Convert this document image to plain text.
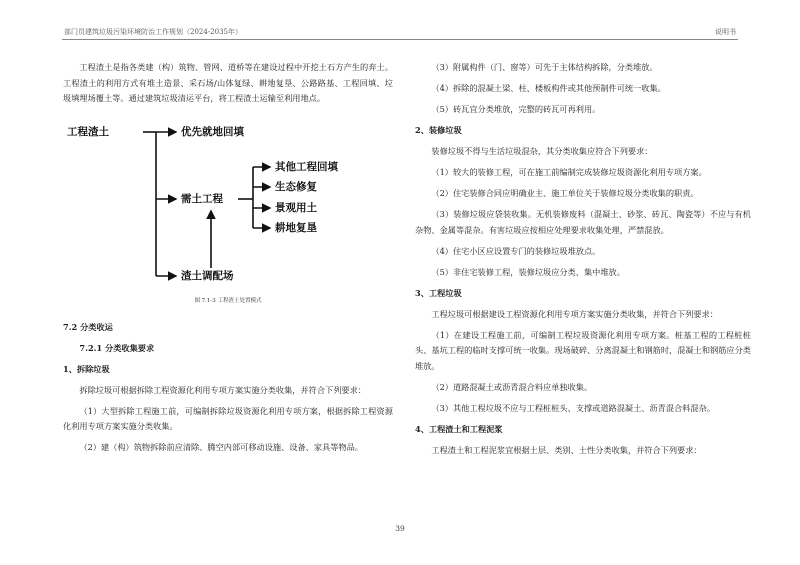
部门员建筑垃圾污染环境防治工作规划（2024-2035年）	说明书

工程渣土是指各类建（构）筑物、管网、道桥等在建设过程中开挖土石方产生的弃土。工程渣土的利用方式有堆土造景、采石场/山体复绿、耕地复垦、公路路基、工程回填、垃圾填埋场覆土等。通过建筑垃圾清运平台，将工程渣土运输至利用地点。

工程渣土	优先就地回填
需土工程
渣土调配场
其他工程回填
生态修复
景观用土
耕地复垦
图 7.1-3 工程渣土处置模式

7.2 分类收运

7.2.1 分类收集要求

1、拆除垃圾

拆除垃圾可根据拆除工程资源化利用专项方案实施分类收集，并符合下列要求：

（1）大型拆除工程施工前，可编制拆除垃圾资源化利用专项方案，根据拆除工程资源化利用专项方案实施分类收集。

（2）建（构）筑物拆除前应清除、腾空内部可移动设施、设备、家具等物品。

（3）附属构件（门、窗等）可先于主体结构拆除，分类堆放。

（4）拆除的混凝土梁、柱、楼板构件或其他预制件可统一收集。

（5）砖瓦宜分类堆放，完整的砖瓦可再利用。

2、装修垃圾

装修垃圾不得与生活垃圾混杂，其分类收集应符合下列要求：

（1）较大的装修工程，可在施工前编制完成装修垃圾资源化利用专项方案。

（2）住宅装修合同应明确业主、施工单位关于装修垃圾分类收集的职责。

（3）装修垃圾应袋装收集。无机装修废料（混凝土、砂浆、砖瓦、陶瓷等）不应与有机杂物、金属等混杂。有害垃圾应按相应处理要求收集处理，严禁混放。

（4）住宅小区应设置专门的装修垃圾堆放点。

（5）非住宅装修工程，装修垃圾应分类、集中堆放。

3、工程垃圾

工程垃圾可根据建设工程资源化利用专项方案实施分类收集，并符合下列要求：

（1）在建设工程施工前，可编制工程垃圾资源化利用专项方案。桩基工程的工程桩桩头、基坑工程的临时支撑可统一收集。现场破碎、分离混凝土和钢筋时，混凝土和钢筋应分类堆放。

（2）道路混凝土或沥青混合料应单独收集。

（3）其他工程垃圾不应与工程桩桩头、支撑或道路混凝土、沥青混合料混杂。

4、工程渣土和工程泥浆

工程渣土和工程泥浆宜根据土层、类别、土性分类收集，并符合下列要求：

39
